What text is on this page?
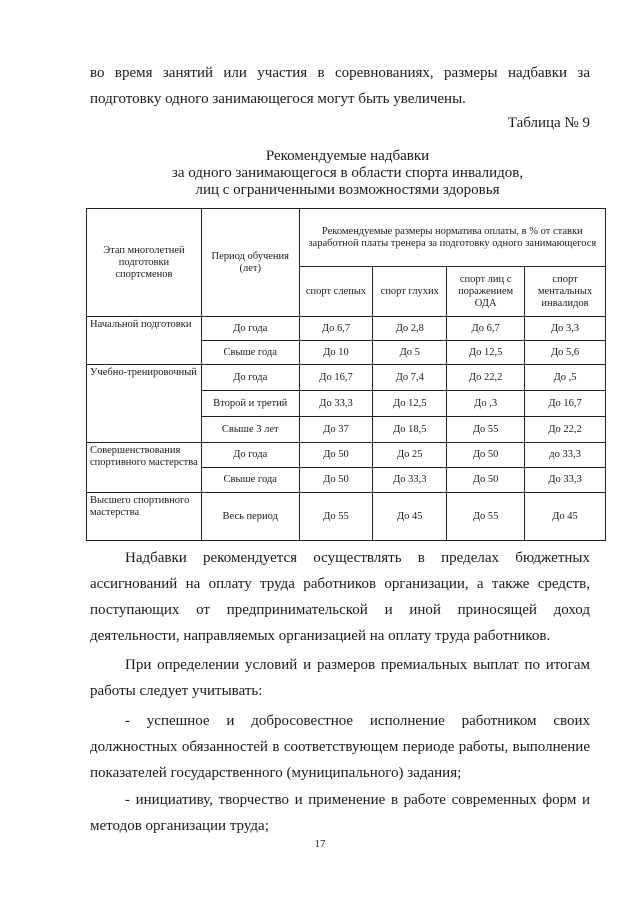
во время занятий или участия в соревнованиях, размеры надбавки за
подготовку одного занимающегося могут быть увеличены.
Таблица № 9
Рекомендуемые надбавки
за одного занимающегося в области спорта инвалидов,
лиц с ограниченными возможностями здоровья
Этап многолетней подготовки спортсменов	Период обучения (лет)	Рекомендуемые размеры норматива оплаты, в % от ставки заработной платы тренера за подготовку одного занимающегося			
		спорт слепых	спорт глухих	спорт лиц с поражением ОДА	спорт ментальных инвалидов
Начальной подготовки	До года	До 6,7	До 2,8	До 6,7	До 3,3
	Свыше года	До 10	До 5	До 12,5	До 5,6
Учебно-тренировочный	До года	До 16,7	До 7,4	До 22,2	До ,5
	Второй и третий	До 33,3	До 12,5	До ,3	До 16,7
	Свыше 3 лет	До 37	До 18,5	До 55	До 22,2
Совершенствования спортивного мастерства	До года	До 50	До 25	До 50	до 33,3
	Свыше года	До 50	До 33,3	До 50	До 33,3
Высшего спортивного мастерства	Весь период	До 55	До 45	До 55	До 45
Надбавки рекомендуется осуществлять в пределах бюджетных
ассигнований на оплату труда работников организации, а также средств,
поступающих от предпринимательской и иной приносящей доход
деятельности, направляемых организацией на оплату труда работников.
При определении условий и размеров премиальных выплат по итогам
работы следует учитывать:
- успешное и добросовестное исполнение работником своих
должностных обязанностей в соответствующем периоде работы, выполнение
показателей государственного (муниципального) задания;
- инициативу, творчество и применение в работе современных форм и
методов организации труда;
17
